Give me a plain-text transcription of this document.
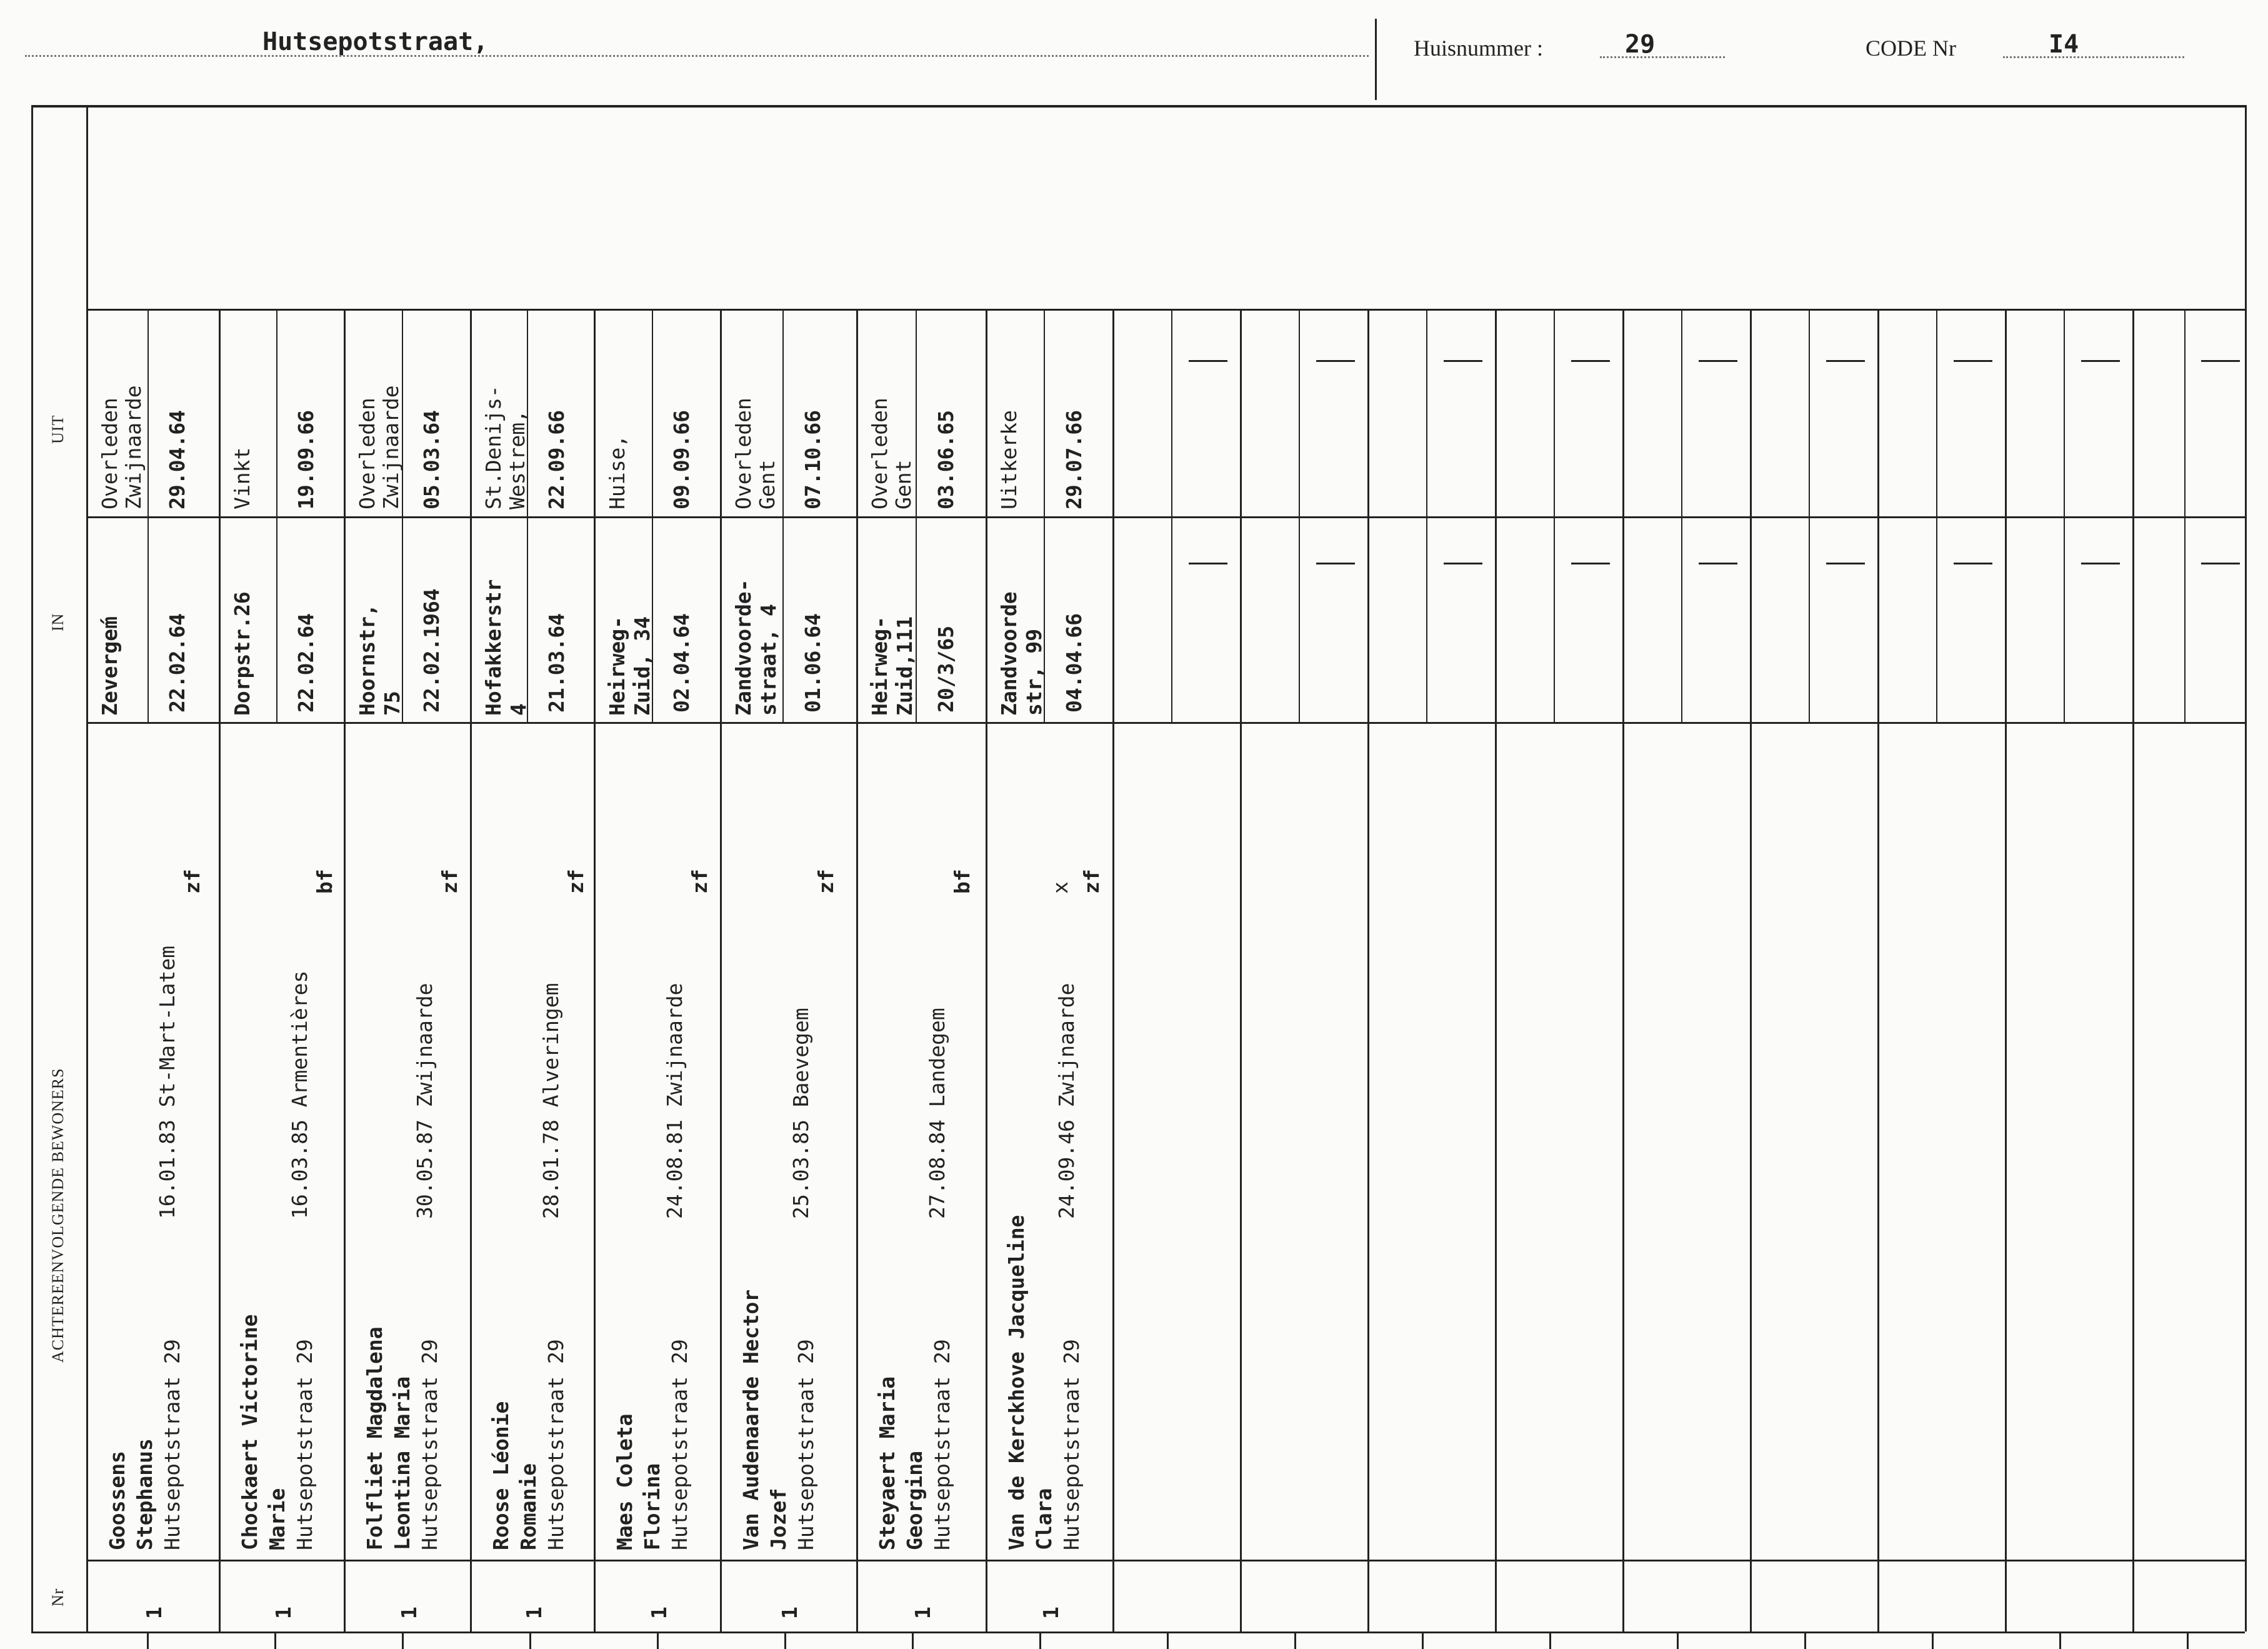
Hutsepotstraat,	Huisnummer :	29	CODE Nr	I4
UIT
IN
ACHTEREENVOLGENDE BEWONERS
Nr
1
Goossens Stephanus Hutsepotstraat 29
16.01.83 St-Mart-Latem
zf
Zevergeḿ 22.02.64
Overleden Zwijnaarde 29.04.64
1
Chockaert Victorine Marie Hutsepotstraat 29
16.03.85 Armentières
bf
Dorpstr.26 22.02.64
Vinkt 19.09.66
1
Folfliet Magdalena Leontina Maria Hutsepotstraat 29
30.05.87 Zwijnaarde
zf
Hoornstr, 75 22.02.1964
Overleden Zwijnaarde 05.03.64
1
Roose Léonie Romanie Hutsepotstraat 29
28.01.78 Alveringem
zf
Hofakkerstr 4 21.03.64
St.Denijs- Westrem, 22.09.66
1
Maes Coleta Florina Hutsepotstraat 29
24.08.81 Zwijnaarde
zf
Heirweg- Zuid, 34 02.04.64
Huise, 09.09.66
1
Van Audenaarde Hector Jozef Hutsepotstraat 29
25.03.85 Baevegem
zf
Zandvoorde- straat, 4 01.06.64
Overleden Gent 07.10.66
1
Steyaert Maria Georgina Hutsepotstraat 29
27.08.84 Landegem
bf
Heirweg- Zuid,111 20/3/65
Overleden Gent 03.06.65
1
Van de Kerckhove Jacqueline Clara Hutsepotstraat 29
24.09.46 Zwijnaarde
zf
x
Zandvoorde str, 99 04.04.66
Uitkerke 29.07.66
